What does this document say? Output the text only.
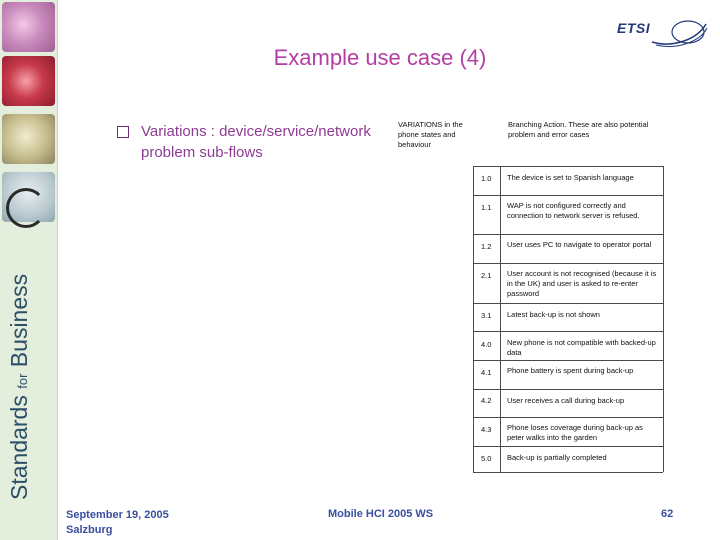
Standards for Business
ETSI
Example use case (4)
Variations : device/service/network problem sub-flows
VARIATIONS in the phone states and behaviour
Branching Action. These are also potential problem and error cases
1.0 The device is set to Spanish language
1.1 WAP is not configured correctly and connection to network server is refused.
1.2 User uses PC to navigate to operator portal
2.1 User account is not recognised (because it is in the UK) and user is asked to re-enter password
3.1 Latest back-up is not shown
4.0 New phone is not compatible with backed-up data
4.1 Phone battery is spent during back-up
4.2 User receives a call during back-up
4.3 Phone loses coverage during back-up as peter walks into the garden
5.0 Back-up is partially completed
September 19, 2005
Salzburg
Mobile HCI 2005 WS	62
